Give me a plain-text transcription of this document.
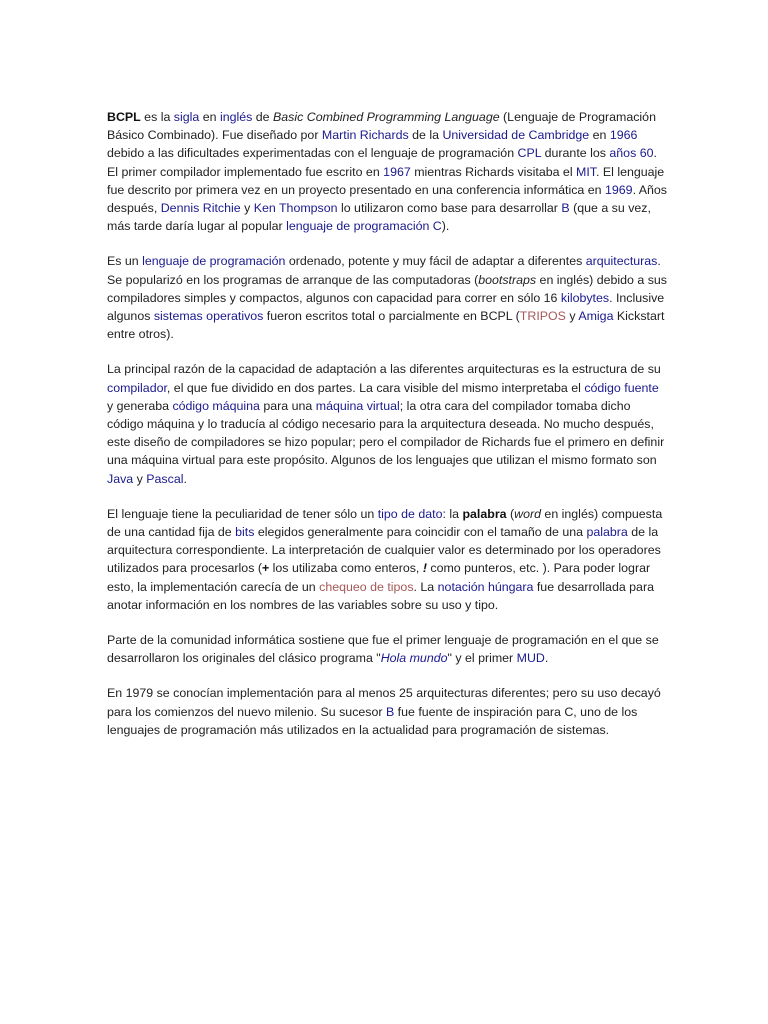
BCPL es la sigla en inglés de Basic Combined Programming Language (Lenguaje de Programación Básico Combinado). Fue diseñado por Martin Richards de la Universidad de Cambridge en 1966 debido a las dificultades experimentadas con el lenguaje de programación CPL durante los años 60. El primer compilador implementado fue escrito en 1967 mientras Richards visitaba el MIT. El lenguaje fue descrito por primera vez en un proyecto presentado en una conferencia informática en 1969. Años después, Dennis Ritchie y Ken Thompson lo utilizaron como base para desarrollar B (que a su vez, más tarde daría lugar al popular lenguaje de programación C).

Es un lenguaje de programación ordenado, potente y muy fácil de adaptar a diferentes arquitecturas. Se popularizó en los programas de arranque de las computadoras (bootstraps en inglés) debido a sus compiladores simples y compactos, algunos con capacidad para correr en sólo 16 kilobytes. Inclusive algunos sistemas operativos fueron escritos total o parcialmente en BCPL (TRIPOS y Amiga Kickstart entre otros).

La principal razón de la capacidad de adaptación a las diferentes arquitecturas es la estructura de su compilador, el que fue dividido en dos partes. La cara visible del mismo interpretaba el código fuente y generaba código máquina para una máquina virtual; la otra cara del compilador tomaba dicho código máquina y lo traducía al código necesario para la arquitectura deseada. No mucho después, este diseño de compiladores se hizo popular; pero el compilador de Richards fue el primero en definir una máquina virtual para este propósito. Algunos de los lenguajes que utilizan el mismo formato son Java y Pascal.

El lenguaje tiene la peculiaridad de tener sólo un tipo de dato: la palabra (word en inglés) compuesta de una cantidad fija de bits elegidos generalmente para coincidir con el tamaño de una palabra de la arquitectura correspondiente. La interpretación de cualquier valor es determinado por los operadores utilizados para procesarlos (+ los utilizaba como enteros, ! como punteros, etc. ). Para poder lograr esto, la implementación carecía de un chequeo de tipos. La notación húngara fue desarrollada para anotar información en los nombres de las variables sobre su uso y tipo.

Parte de la comunidad informática sostiene que fue el primer lenguaje de programación en el que se desarrollaron los originales del clásico programa "Hola mundo" y el primer MUD.

En 1979 se conocían implementación para al menos 25 arquitecturas diferentes; pero su uso decayó para los comienzos del nuevo milenio. Su sucesor B fue fuente de inspiración para C, uno de los lenguajes de programación más utilizados en la actualidad para programación de sistemas.
